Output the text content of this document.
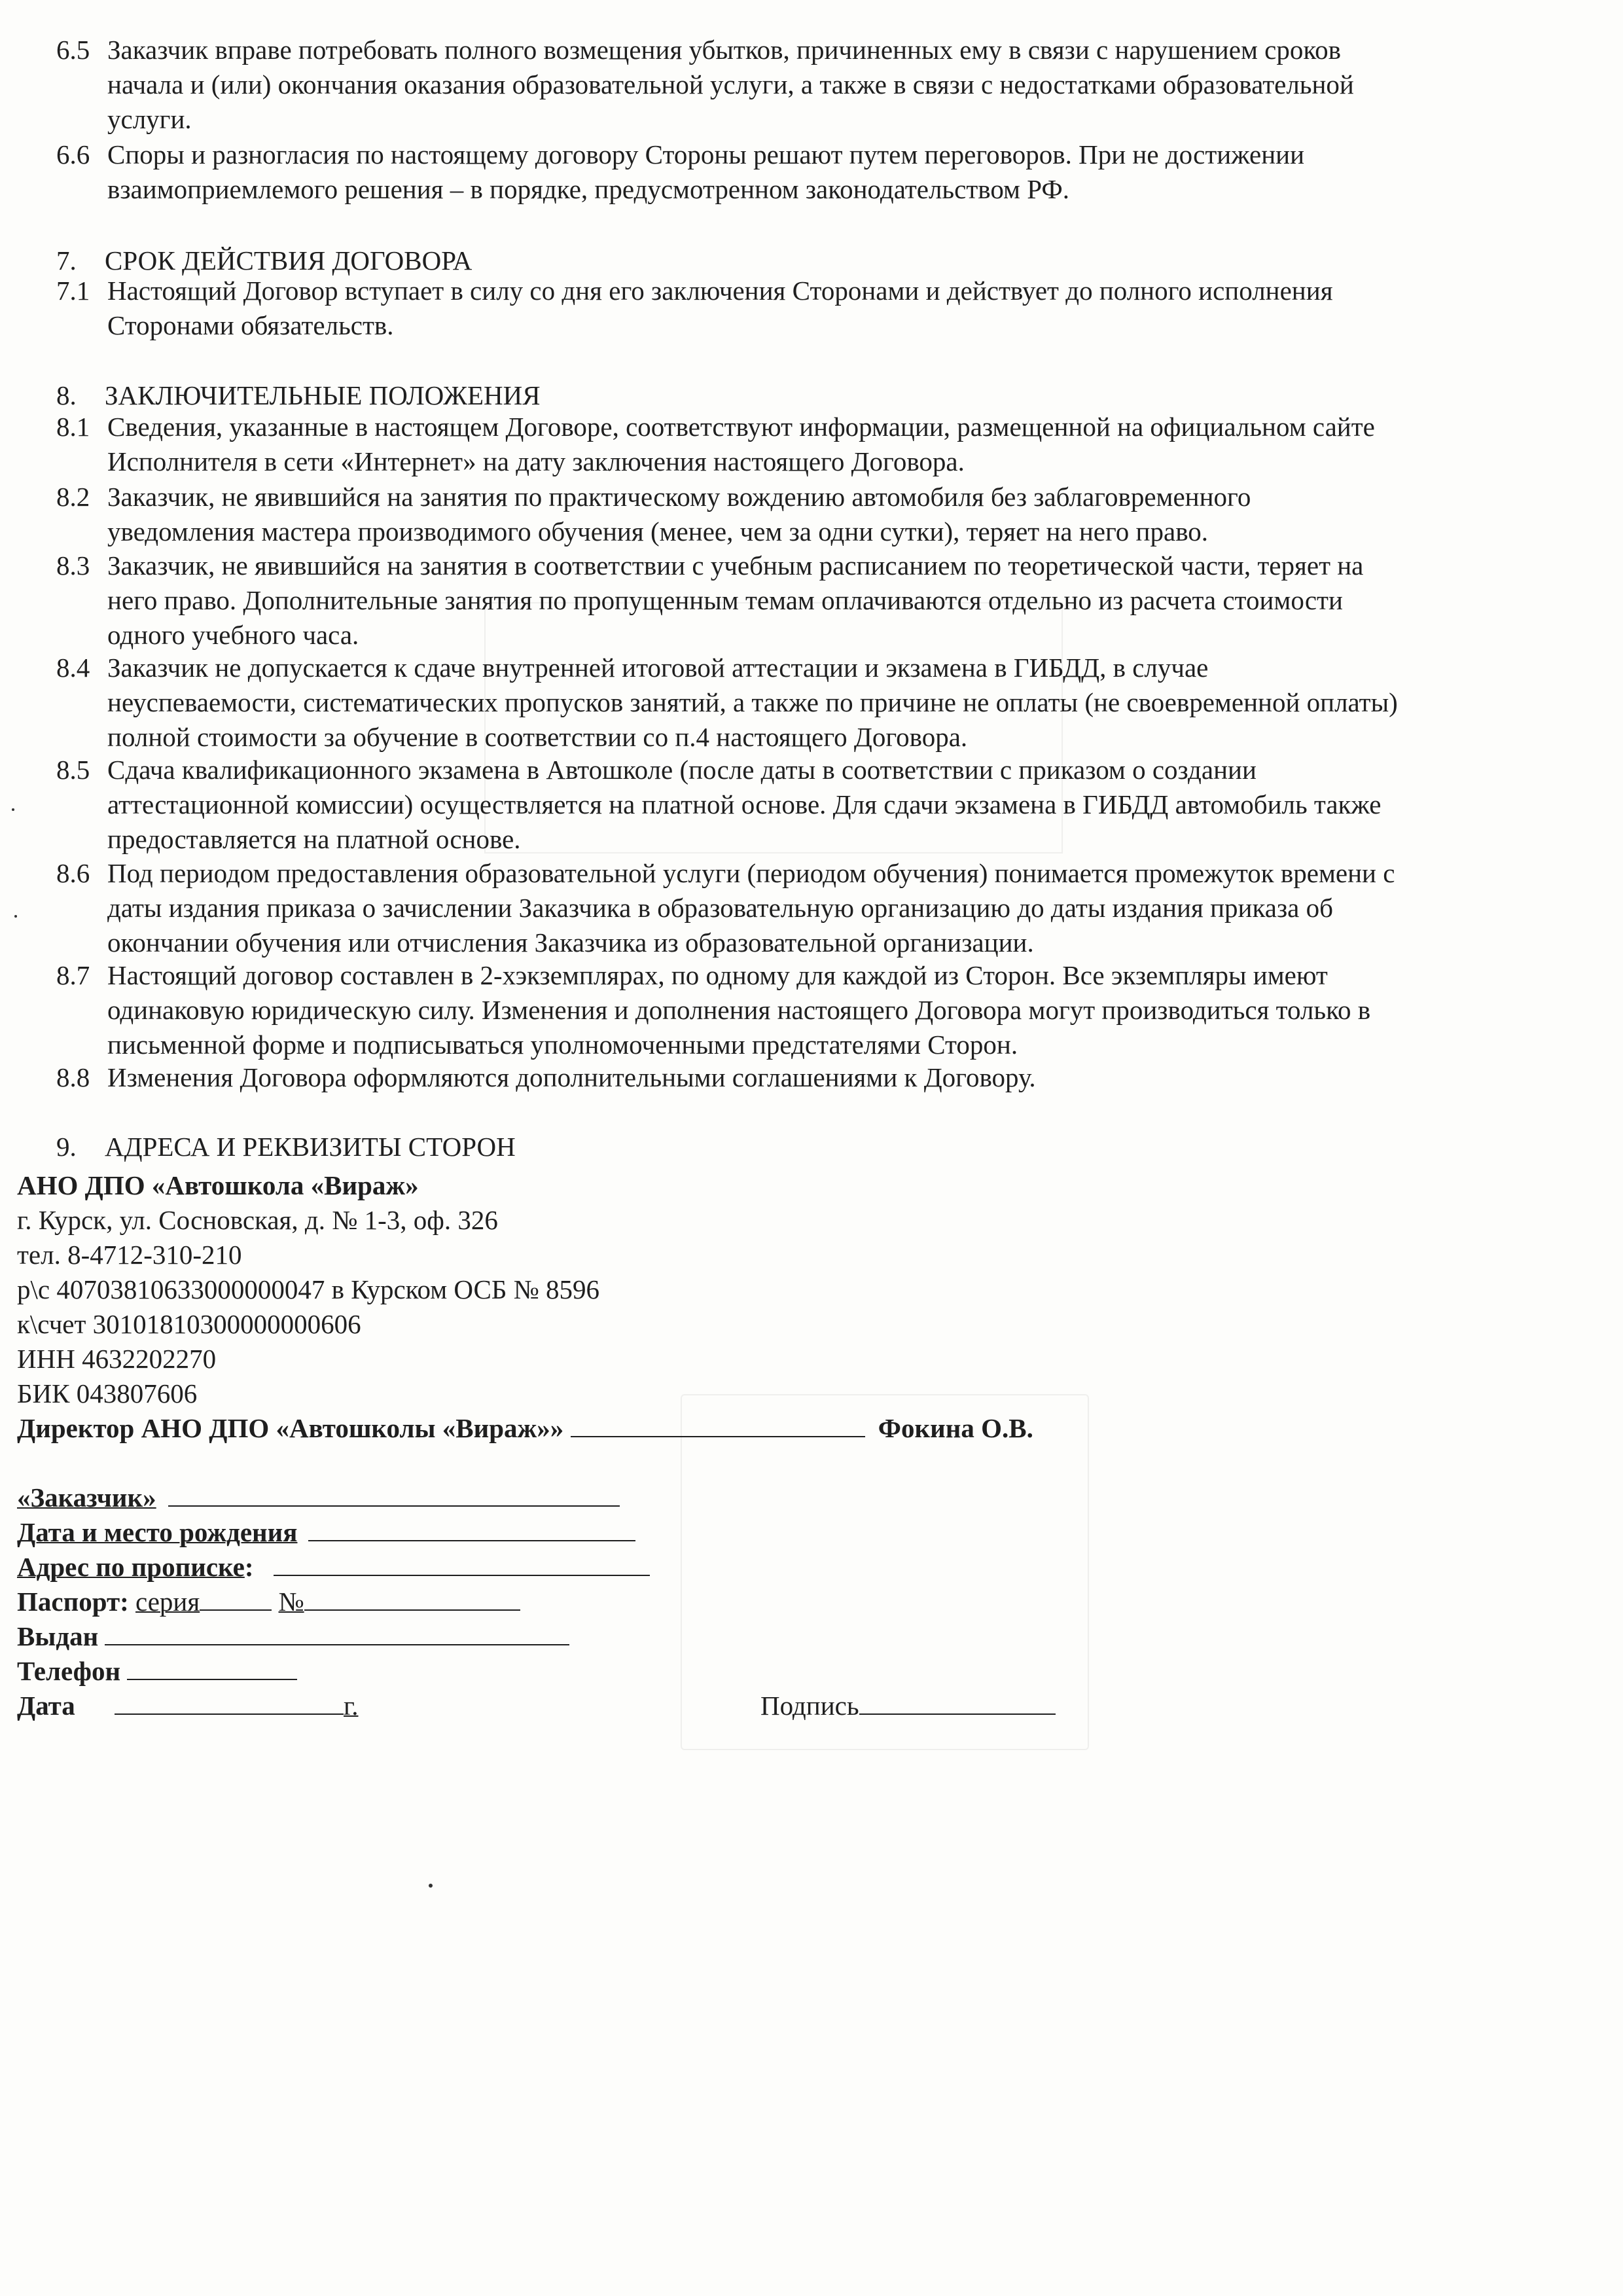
6.5 Заказчик вправе потребовать полного возмещения убытков, причиненных ему в связи с нарушением сроков
начала и (или) окончания оказания образовательной услуги, а также в связи с недостатками образовательной
услуги.
6.6 Споры и разногласия по настоящему договору Стороны решают путем переговоров. При не достижении
взаимоприемлемого решения – в порядке, предусмотренном законодательством РФ.
7. СРОК ДЕЙСТВИЯ ДОГОВОРА
7.1 Настоящий Договор вступает в силу со дня его заключения Сторонами и действует до полного исполнения
Сторонами обязательств.
8. ЗАКЛЮЧИТЕЛЬНЫЕ ПОЛОЖЕНИЯ
8.1 Сведения, указанные в настоящем Договоре, соответствуют информации, размещенной на официальном сайте
Исполнителя в сети «Интернет» на дату заключения настоящего Договора.
8.2 Заказчик, не явившийся на занятия по практическому вождению автомобиля без заблаговременного
уведомления мастера производимого обучения (менее, чем за одни сутки), теряет на него право.
8.3 Заказчик, не явившийся на занятия в соответствии с учебным расписанием по теоретической части, теряет на
него право. Дополнительные занятия по пропущенным темам оплачиваются отдельно из расчета стоимости
одного учебного часа.
8.4 Заказчик не допускается к сдаче внутренней итоговой аттестации и экзамена в ГИБДД, в случае
неуспеваемости, систематических пропусков занятий, а также по причине не оплаты (не своевременной оплаты)
полной стоимости за обучение в соответствии со п.4 настоящего Договора.
8.5 Сдача квалификационного экзамена в Автошколе (после даты в соответствии с приказом о создании
аттестационной комиссии) осуществляется на платной основе. Для сдачи экзамена в ГИБДД автомобиль также
предоставляется на платной основе.
8.6 Под периодом предоставления образовательной услуги (периодом обучения) понимается промежуток времени с
даты издания приказа о зачислении Заказчика в образовательную организацию до даты издания приказа об
окончании обучения или отчисления Заказчика из образовательной организации.
8.7 Настоящий договор составлен в 2-хэкземплярах, по одному для каждой из Сторон. Все экземпляры имеют
одинаковую юридическую силу. Изменения и дополнения настоящего Договора могут производиться только в
письменной форме и подписываться уполномоченными предстателями Сторон.
8.8 Изменения Договора оформляются дополнительными соглашениями к Договору.
9. АДРЕСА И РЕКВИЗИТЫ СТОРОН
АНО ДПО «Автошкола «Вираж»
г. Курск, ул. Сосновская, д. № 1-3, оф. 326
тел. 8-4712-310-210
р\с 40703810633000000047 в Курском ОСБ № 8596
к\счет 30101810300000000606
ИНН 4632202270
БИК 043807606
Директор АНО ДПО «Автошколы «Вираж»»	Фокина О.В.
«Заказчик»
Дата и место рождения
Адрес по прописке:
Паспорт: серия	№
Выдан
Телефон
Дата	г.	Подпись
